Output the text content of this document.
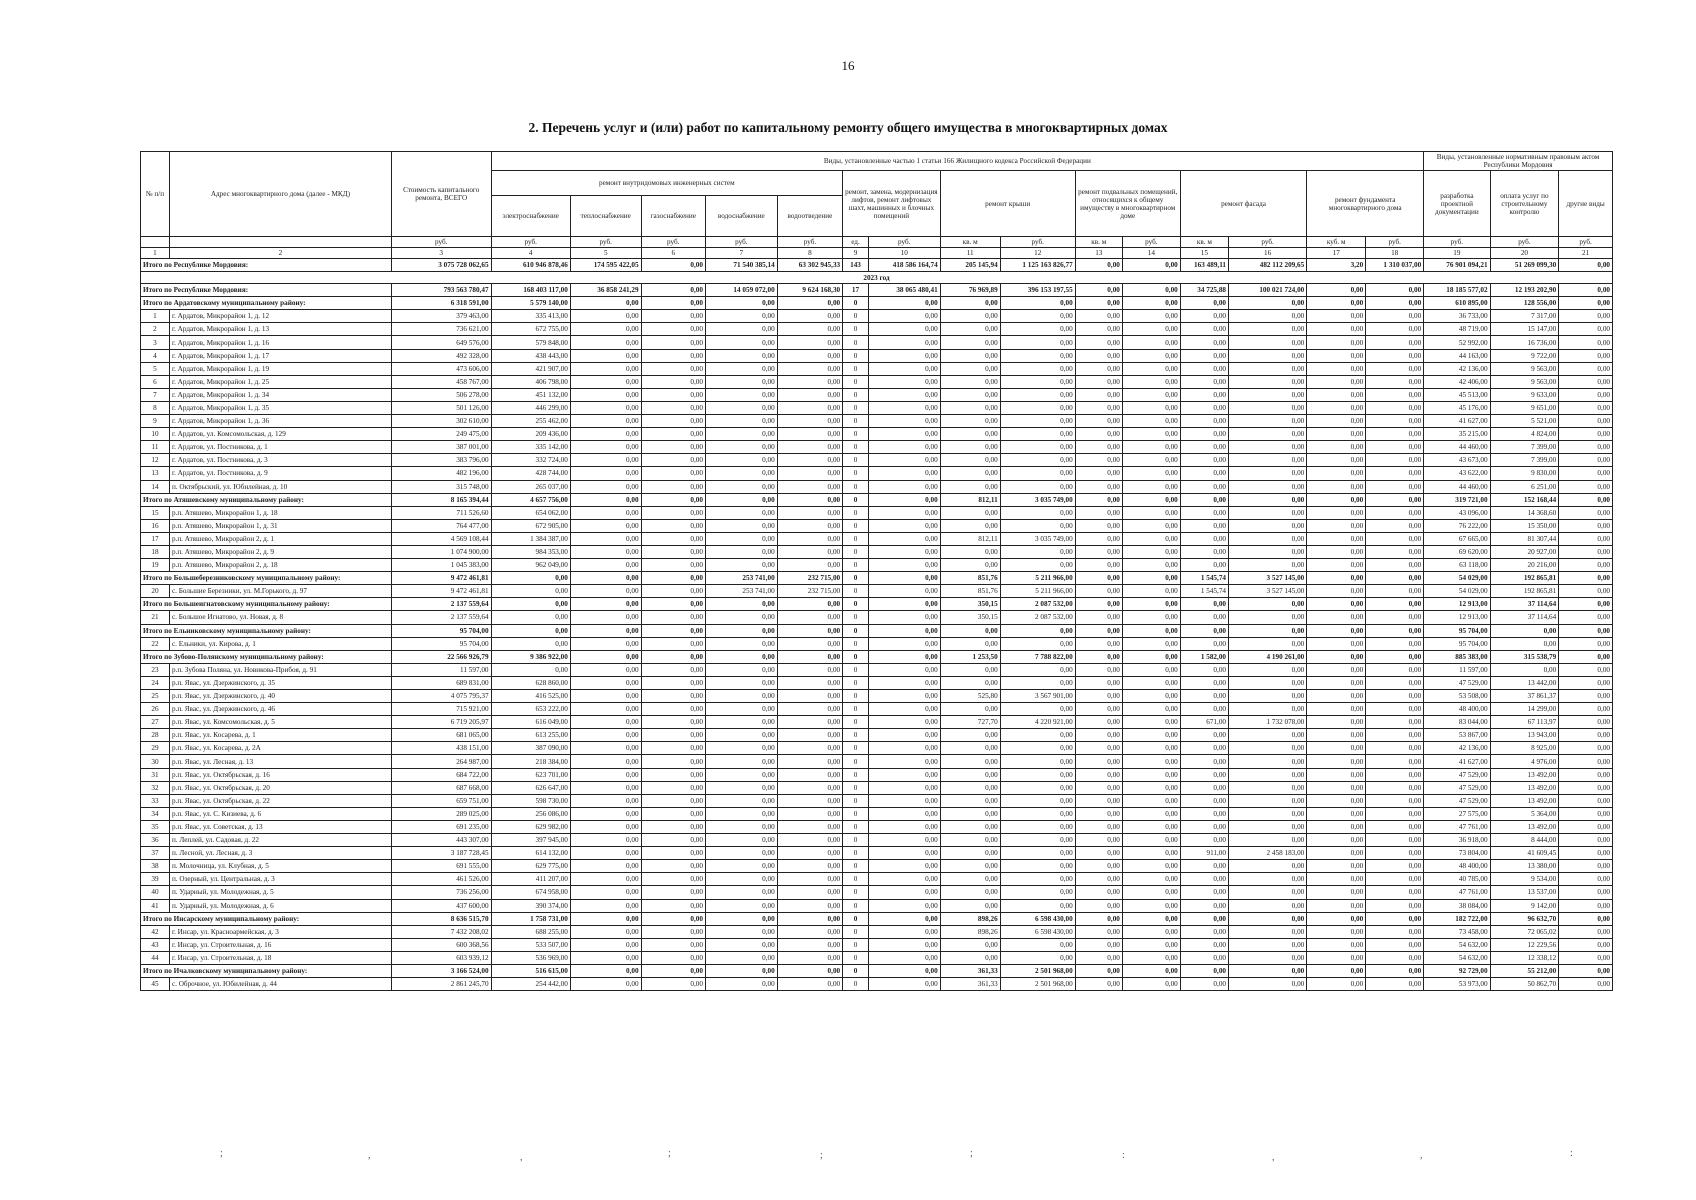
16
2. Перечень услуг и (или) работ по капитальному ремонту общего имущества в многоквартирных домах
№ п/п	Адрес многоквартирного дома (далее - МКД)	Стоимость капитального ремонта, ВСЕГО	Виды, установленные частью 1 статьи 166 Жилищного кодекса Российской Федерации															Виды, установленные нормативным правовым актом Республики Мордовия		
			ремонт внутридомовых инженерных систем					ремонт, замена, модернизация лифтов, ремонт лифтовых шахт, машинных и блочных помещений		ремонт крыши		ремонт подвальных помещений, относящихся к общему имуществу в многоквартирном доме		ремонт фасада		ремонт фундамента многоквартирного дома		разработка проектной документации	оплата услуг по строительному контролю	другие виды
			электроснабжение	теплоснабжение	газоснабжение	водоснабжение	водоотведение													
		руб.	руб.	руб.	руб.	руб.	руб.	ед.	руб.	кв. м	руб.	кв. м	руб.	кв. м	руб.	куб. м	руб.	руб.	руб.	руб.
1	2	3	4	5	6	7	8	9	10	11	12	13	14	15	16	17	18	19	20	21
Итого по Республике Мордовия:		3 075 728 062,65	610 946 878,46	174 595 422,05	0,00	71 540 385,14	63 302 945,33	143	418 586 164,74	205 145,94	1 125 163 826,77	0,00	0,00	163 489,11	482 112 209,65	3,20	1 310 037,00	76 901 094,21	51 269 099,30	0,00
2023 год																				
Итого по Республике Мордовия:		793 563 780,47	168 403 117,00	36 858 241,29	0,00	14 059 072,00	9 624 168,30	17	38 065 480,41	76 969,89	396 153 197,55	0,00	0,00	34 725,88	100 021 724,00	0,00	0,00	18 185 577,02	12 193 202,90	0,00
Итого по Ардатовскому муниципальному району:		6 318 591,00	5 579 140,00	0,00	0,00	0,00	0,00	0	0,00	0,00	0,00	0,00	0,00	0,00	0,00	0,00	0,00	610 895,00	128 556,00	0,00
1	г. Ардатов, Микрорайон 1, д. 12	379 463,00	335 413,00	0,00	0,00	0,00	0,00	0	0,00	0,00	0,00	0,00	0,00	0,00	0,00	0,00	0,00	36 733,00	7 317,00	0,00
2	г. Ардатов, Микрорайон 1, д. 13	736 621,00	672 755,00	0,00	0,00	0,00	0,00	0	0,00	0,00	0,00	0,00	0,00	0,00	0,00	0,00	0,00	48 719,00	15 147,00	0,00
3	г. Ардатов, Микрорайон 1, д. 16	649 576,00	579 848,00	0,00	0,00	0,00	0,00	0	0,00	0,00	0,00	0,00	0,00	0,00	0,00	0,00	0,00	52 992,00	16 736,00	0,00
4	г. Ардатов, Микрорайон 1, д. 17	492 328,00	438 443,00	0,00	0,00	0,00	0,00	0	0,00	0,00	0,00	0,00	0,00	0,00	0,00	0,00	0,00	44 163,00	9 722,00	0,00
5	г. Ардатов, Микрорайон 1, д. 19	473 606,00	421 907,00	0,00	0,00	0,00	0,00	0	0,00	0,00	0,00	0,00	0,00	0,00	0,00	0,00	0,00	42 136,00	9 563,00	0,00
6	г. Ардатов, Микрорайон 1, д. 25	458 767,00	406 798,00	0,00	0,00	0,00	0,00	0	0,00	0,00	0,00	0,00	0,00	0,00	0,00	0,00	0,00	42 406,00	9 563,00	0,00
7	г. Ардатов, Микрорайон 1, д. 34	506 278,00	451 132,00	0,00	0,00	0,00	0,00	0	0,00	0,00	0,00	0,00	0,00	0,00	0,00	0,00	0,00	45 513,00	9 633,00	0,00
8	г. Ардатов, Микрорайон 1, д. 35	501 126,00	446 299,00	0,00	0,00	0,00	0,00	0	0,00	0,00	0,00	0,00	0,00	0,00	0,00	0,00	0,00	45 176,00	9 651,00	0,00
9	г. Ардатов, Микрорайон 1, д. 36	302 610,00	255 462,00	0,00	0,00	0,00	0,00	0	0,00	0,00	0,00	0,00	0,00	0,00	0,00	0,00	0,00	41 627,00	5 521,00	0,00
10	г. Ардатов, ул. Комсомольская, д. 129	249 475,00	209 436,00	0,00	0,00	0,00	0,00	0	0,00	0,00	0,00	0,00	0,00	0,00	0,00	0,00	0,00	35 215,00	4 824,00	0,00
11	г. Ардатов, ул. Постникова, д. 1	387 001,00	335 142,00	0,00	0,00	0,00	0,00	0	0,00	0,00	0,00	0,00	0,00	0,00	0,00	0,00	0,00	44 460,00	7 399,00	0,00
12	г. Ардатов, ул. Постникова, д. 3	383 796,00	332 724,00	0,00	0,00	0,00	0,00	0	0,00	0,00	0,00	0,00	0,00	0,00	0,00	0,00	0,00	43 673,00	7 399,00	0,00
13	г. Ардатов, ул. Постникова, д. 9	482 196,00	428 744,00	0,00	0,00	0,00	0,00	0	0,00	0,00	0,00	0,00	0,00	0,00	0,00	0,00	0,00	43 622,00	9 830,00	0,00
14	п. Октябрьский, ул. Юбилейная, д. 10	315 748,00	265 037,00	0,00	0,00	0,00	0,00	0	0,00	0,00	0,00	0,00	0,00	0,00	0,00	0,00	0,00	44 460,00	6 251,00	0,00
Итого по Атяшевскому муниципальному району:		8 165 394,44	4 657 756,00	0,00	0,00	0,00	0,00	0	0,00	812,11	3 035 749,00	0,00	0,00	0,00	0,00	0,00	0,00	319 721,00	152 168,44	0,00
15	р.п. Атяшево, Микрорайон 1, д. 18	711 526,60	654 062,00	0,00	0,00	0,00	0,00	0	0,00	0,00	0,00	0,00	0,00	0,00	0,00	0,00	0,00	43 096,00	14 368,60	0,00
16	р.п. Атяшево, Микрорайон 1, д. 31	764 477,00	672 905,00	0,00	0,00	0,00	0,00	0	0,00	0,00	0,00	0,00	0,00	0,00	0,00	0,00	0,00	76 222,00	15 350,00	0,00
17	р.п. Атяшево, Микрорайон 2, д. 1	4 569 108,44	1 384 387,00	0,00	0,00	0,00	0,00	0	0,00	812,11	3 035 749,00	0,00	0,00	0,00	0,00	0,00	0,00	67 665,00	81 307,44	0,00
18	р.п. Атяшево, Микрорайон 2, д. 9	1 074 900,00	984 353,00	0,00	0,00	0,00	0,00	0	0,00	0,00	0,00	0,00	0,00	0,00	0,00	0,00	0,00	69 620,00	20 927,00	0,00
19	р.п. Атяшево, Микрорайон 2, д. 18	1 045 383,00	962 049,00	0,00	0,00	0,00	0,00	0	0,00	0,00	0,00	0,00	0,00	0,00	0,00	0,00	0,00	63 118,00	20 216,00	0,00
Итого по Большеберезниковскому муниципальному району:		9 472 461,81	0,00	0,00	0,00	253 741,00	232 715,00	0	0,00	851,76	5 211 966,00	0,00	0,00	1 545,74	3 527 145,00	0,00	0,00	54 029,00	192 865,81	0,00
20	с. Большие Березники, ул. М.Горького, д. 97	9 472 461,81	0,00	0,00	0,00	253 741,00	232 715,00	0	0,00	851,76	5 211 966,00	0,00	0,00	1 545,74	3 527 145,00	0,00	0,00	54 029,00	192 865,81	0,00
Итого по Большеигнатовскому муниципальному району:		2 137 559,64	0,00	0,00	0,00	0,00	0,00	0	0,00	350,15	2 087 532,00	0,00	0,00	0,00	0,00	0,00	0,00	12 913,00	37 114,64	0,00
21	с. Большое Игнатово, ул. Новая, д. 8	2 137 559,64	0,00	0,00	0,00	0,00	0,00	0	0,00	350,15	2 087 532,00	0,00	0,00	0,00	0,00	0,00	0,00	12 913,00	37 114,64	0,00
Итого по Ельниковскому муниципальному району:		95 704,00	0,00	0,00	0,00	0,00	0,00	0	0,00	0,00	0,00	0,00	0,00	0,00	0,00	0,00	0,00	95 704,00	0,00	0,00
22	с. Ельники, ул. Кирова, д. 1	95 704,00	0,00	0,00	0,00	0,00	0,00	0	0,00	0,00	0,00	0,00	0,00	0,00	0,00	0,00	0,00	95 704,00	0,00	0,00
Итого по Зубово-Полянскому муниципальному району:		22 566 926,79	9 386 922,00	0,00	0,00	0,00	0,00	0	0,00	1 253,50	7 788 822,00	0,00	0,00	1 582,00	4 190 261,00	0,00	0,00	885 383,00	315 538,79	0,00
23	р.п. Зубова Поляна, ул. Новикова-Прибоя, д. 91	11 597,00	0,00	0,00	0,00	0,00	0,00	0	0,00	0,00	0,00	0,00	0,00	0,00	0,00	0,00	0,00	11 597,00	0,00	0,00
24	р.п. Явас, ул. Дзержинского, д. 35	689 831,00	628 860,00	0,00	0,00	0,00	0,00	0	0,00	0,00	0,00	0,00	0,00	0,00	0,00	0,00	0,00	47 529,00	13 442,00	0,00
25	р.п. Явас, ул. Дзержинского, д. 40	4 075 795,37	416 525,00	0,00	0,00	0,00	0,00	0	0,00	525,80	3 567 901,00	0,00	0,00	0,00	0,00	0,00	0,00	53 508,00	37 861,37	0,00
26	р.п. Явас, ул. Дзержинского, д. 46	715 921,00	653 222,00	0,00	0,00	0,00	0,00	0	0,00	0,00	0,00	0,00	0,00	0,00	0,00	0,00	0,00	48 400,00	14 299,00	0,00
27	р.п. Явас, ул. Комсомольская, д. 5	6 719 205,97	616 049,00	0,00	0,00	0,00	0,00	0	0,00	727,70	4 220 921,00	0,00	0,00	671,00	1 732 078,00	0,00	0,00	83 044,00	67 113,97	0,00
28	р.п. Явас, ул. Косарева, д. 1	681 065,00	613 255,00	0,00	0,00	0,00	0,00	0	0,00	0,00	0,00	0,00	0,00	0,00	0,00	0,00	0,00	53 867,00	13 943,00	0,00
29	р.п. Явас, ул. Косарева, д. 2А	438 151,00	387 090,00	0,00	0,00	0,00	0,00	0	0,00	0,00	0,00	0,00	0,00	0,00	0,00	0,00	0,00	42 136,00	8 925,00	0,00
30	р.п. Явас, ул. Лесная, д. 13	264 987,00	218 384,00	0,00	0,00	0,00	0,00	0	0,00	0,00	0,00	0,00	0,00	0,00	0,00	0,00	0,00	41 627,00	4 976,00	0,00
31	р.п. Явас, ул. Октябрьская, д. 16	684 722,00	623 701,00	0,00	0,00	0,00	0,00	0	0,00	0,00	0,00	0,00	0,00	0,00	0,00	0,00	0,00	47 529,00	13 492,00	0,00
32	р.п. Явас, ул. Октябрьская, д. 20	687 668,00	626 647,00	0,00	0,00	0,00	0,00	0	0,00	0,00	0,00	0,00	0,00	0,00	0,00	0,00	0,00	47 529,00	13 492,00	0,00
33	р.п. Явас, ул. Октябрьская, д. 22	659 751,00	598 730,00	0,00	0,00	0,00	0,00	0	0,00	0,00	0,00	0,00	0,00	0,00	0,00	0,00	0,00	47 529,00	13 492,00	0,00
34	р.п. Явас, ул. С. Кизиева, д. 6	289 025,00	256 086,00	0,00	0,00	0,00	0,00	0	0,00	0,00	0,00	0,00	0,00	0,00	0,00	0,00	0,00	27 575,00	5 364,00	0,00
35	р.п. Явас, ул. Советская, д. 13	691 235,00	629 982,00	0,00	0,00	0,00	0,00	0	0,00	0,00	0,00	0,00	0,00	0,00	0,00	0,00	0,00	47 761,00	13 492,00	0,00
36	п. Леплей, ул. Садовая, д. 22	443 307,00	397 945,00	0,00	0,00	0,00	0,00	0	0,00	0,00	0,00	0,00	0,00	0,00	0,00	0,00	0,00	36 918,00	8 444,00	0,00
37	п. Лесной, ул. Лесная, д. 3	3 187 728,45	614 132,00	0,00	0,00	0,00	0,00	0	0,00	0,00	0,00	0,00	0,00	911,00	2 458 183,00	0,00	0,00	73 804,00	41 609,45	0,00
38	п. Молочница, ул. Клубная, д. 5	691 555,00	629 775,00	0,00	0,00	0,00	0,00	0	0,00	0,00	0,00	0,00	0,00	0,00	0,00	0,00	0,00	48 400,00	13 380,00	0,00
39	п. Озерный, ул. Центральная, д. 3	461 526,00	411 207,00	0,00	0,00	0,00	0,00	0	0,00	0,00	0,00	0,00	0,00	0,00	0,00	0,00	0,00	40 785,00	9 534,00	0,00
40	п. Ударный, ул. Молодежная, д. 5	736 256,00	674 958,00	0,00	0,00	0,00	0,00	0	0,00	0,00	0,00	0,00	0,00	0,00	0,00	0,00	0,00	47 761,00	13 537,00	0,00
41	п. Ударный, ул. Молодежная, д. 6	437 600,00	390 374,00	0,00	0,00	0,00	0,00	0	0,00	0,00	0,00	0,00	0,00	0,00	0,00	0,00	0,00	38 084,00	9 142,00	0,00
Итого по Инсарскому муниципальному району:		8 636 515,70	1 758 731,00	0,00	0,00	0,00	0,00	0	0,00	898,26	6 598 430,00	0,00	0,00	0,00	0,00	0,00	0,00	182 722,00	96 632,70	0,00
42	г. Инсар, ул. Красноармейская, д. 3	7 432 208,02	688 255,00	0,00	0,00	0,00	0,00	0	0,00	898,26	6 598 430,00	0,00	0,00	0,00	0,00	0,00	0,00	73 458,00	72 065,02	0,00
43	г. Инсар, ул. Строительная, д. 16	600 368,56	533 507,00	0,00	0,00	0,00	0,00	0	0,00	0,00	0,00	0,00	0,00	0,00	0,00	0,00	0,00	54 632,00	12 229,56	0,00
44	г. Инсар, ул. Строительная, д. 18	603 939,12	536 969,00	0,00	0,00	0,00	0,00	0	0,00	0,00	0,00	0,00	0,00	0,00	0,00	0,00	0,00	54 632,00	12 338,12	0,00
Итого по Ичалковскому муниципальному району:		3 166 524,00	516 615,00	0,00	0,00	0,00	0,00	0	0,00	361,33	2 501 968,00	0,00	0,00	0,00	0,00	0,00	0,00	92 729,00	55 212,00	0,00
45	с. Оброчное, ул. Юбилейная, д. 44	2 861 245,70	254 442,00	0,00	0,00	0,00	0,00	0	0,00	361,33	2 501 968,00	0,00	0,00	0,00	0,00	0,00	0,00	53 973,00	50 862,70	0,00
;	,	,	;	;	;	:	,	,	:
